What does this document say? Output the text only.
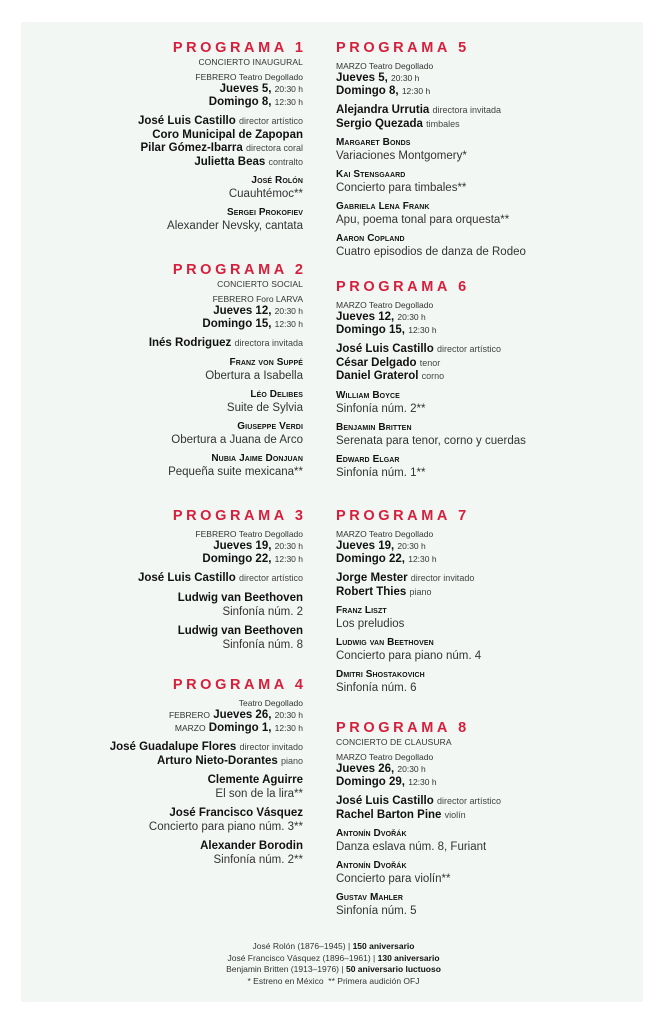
PROGRAMA 1
CONCIERTO INAUGURAL
FEBRERO Teatro Degollado
Jueves 5, 20:30 h
Domingo 8, 12:30 h
José Luis Castillo director artístico
Coro Municipal de Zapopan
Pilar Gómez-Ibarra directora coral
Julietta Beas contralto
José Rolón
Cuauhtémoc**
Sergei Prokofiev
Alexander Nevsky, cantata
PROGRAMA 2
CONCIERTO SOCIAL
FEBRERO Foro LARVA
Jueves 12, 20:30 h
Domingo 15, 12:30 h
Inés Rodriguez directora invitada
Franz von Suppé
Obertura a Isabella
Léo Delibes
Suite de Sylvia
Giuseppe Verdi
Obertura a Juana de Arco
Nubia Jaime Donjuan
Pequeña suite mexicana**
PROGRAMA 3
FEBRERO Teatro Degollado
Jueves 19, 20:30 h
Domingo 22, 12:30 h
José Luis Castillo director artístico
Ludwig van Beethoven
Sinfonía núm. 2
Ludwig van Beethoven
Sinfonía núm. 8
PROGRAMA 4
Teatro Degollado
FEBRERO Jueves 26, 20:30 h
MARZO Domingo 1, 12:30 h
José Guadalupe Flores director invitado
Arturo Nieto-Dorantes piano
Clemente Aguirre
El son de la lira**
José Francisco Vásquez
Concierto para piano núm. 3**
Alexander Borodin
Sinfonía núm. 2**
PROGRAMA 5
MARZO Teatro Degollado
Jueves 5, 20:30 h
Domingo 8, 12:30 h
Alejandra Urrutia directora invitada
Sergio Quezada timbales
Margaret Bonds
Variaciones Montgomery*
Kai Stensgaard
Concierto para timbales**
Gabriela Lena Frank
Apu, poema tonal para orquesta**
Aaron Copland
Cuatro episodios de danza de Rodeo
PROGRAMA 6
MARZO Teatro Degollado
Jueves 12, 20:30 h
Domingo 15, 12:30 h
José Luis Castillo director artístico
César Delgado tenor
Daniel Graterol corno
William Boyce
Sinfonía núm. 2**
Benjamin Britten
Serenata para tenor, corno y cuerdas
Edward Elgar
Sinfonía núm. 1**
PROGRAMA 7
MARZO Teatro Degollado
Jueves 19, 20:30 h
Domingo 22, 12:30 h
Jorge Mester director invitado
Robert Thies piano
Franz Liszt
Los preludios
Ludwig van Beethoven
Concierto para piano núm. 4
Dmitri Shostakovich
Sinfonía núm. 6
PROGRAMA 8
CONCIERTO DE CLAUSURA
MARZO Teatro Degollado
Jueves 26, 20:30 h
Domingo 29, 12:30 h
José Luis Castillo director artístico
Rachel Barton Pine violín
Antonín Dvořák
Danza eslava núm. 8, Furiant
Antonín Dvořák
Concierto para violín**
Gustav Mahler
Sinfonía núm. 5
José Rolón (1876–1945) | 150 aniversario
José Francisco Vásquez (1896–1961) | 130 aniversario
Benjamin Britten (1913–1976) | 50 aniversario luctuoso
* Estreno en México  ** Primera audición OFJ
